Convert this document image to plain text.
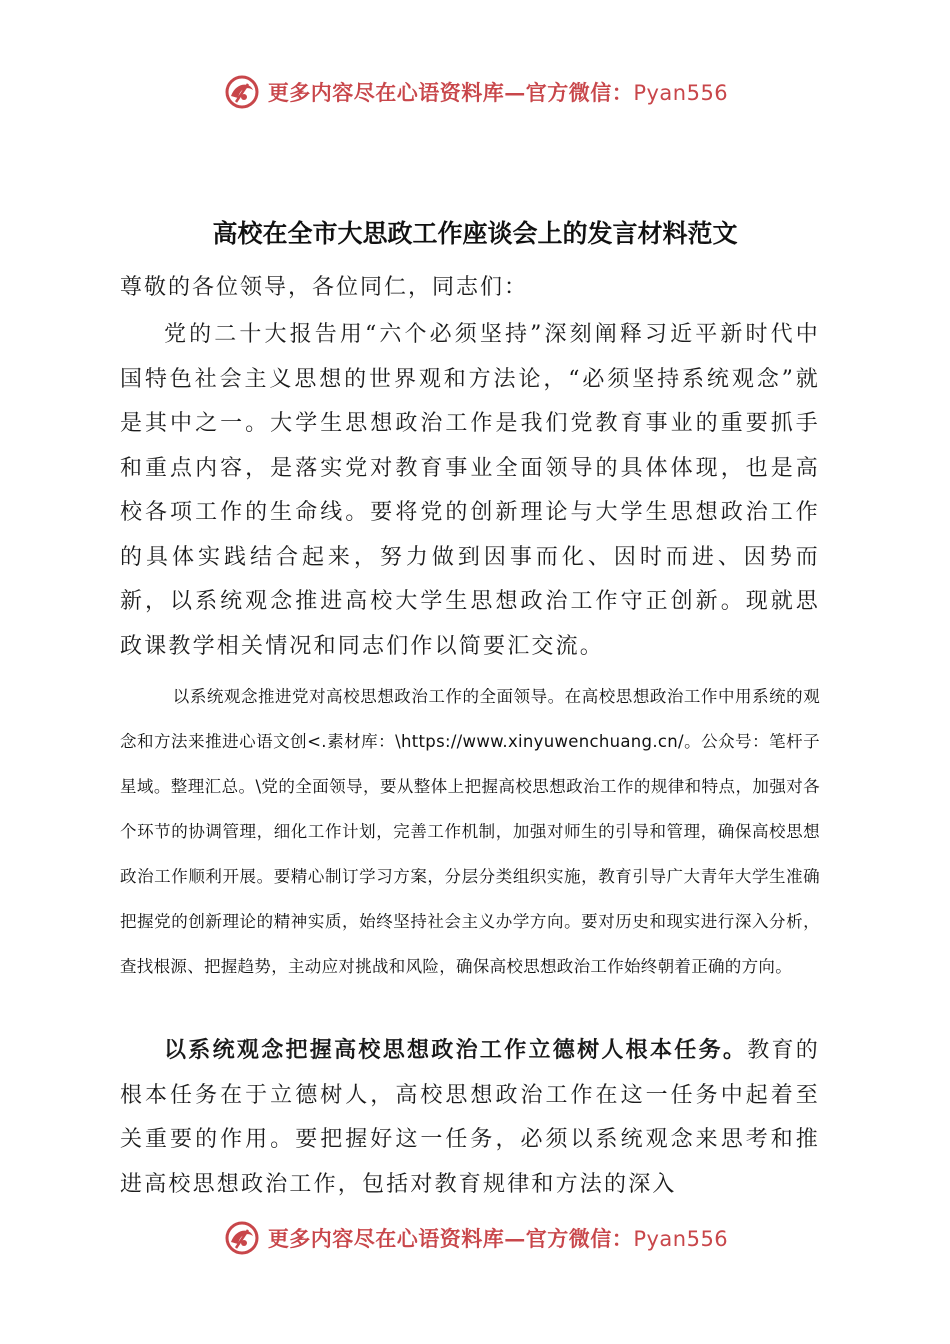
更多内容尽在心语资料库—官方微信：Pyan556
高校在全市大思政工作座谈会上的发言材料范文

尊敬的各位领导，各位同仁，同志们：

党的二十大报告用“六个必须坚持”深刻阐释习近平新时代中国特色社会主义思想的世界观和方法论，“必须坚持系统观念”就是其中之一。大学生思想政治工作是我们党教育事业的重要抓手和重点内容，是落实党对教育事业全面领导的具体体现，也是高校各项工作的生命线。要将党的创新理论与大学生思想政治工作的具体实践结合起来，努力做到因事而化、因时而进、因势而新，以系统观念推进高校大学生思想政治工作守正创新。现就思政课教学相关情况和同志们作以简要汇交流。

以系统观念推进党对高校思想政治工作的全面领导。在高校思想政治工作中用系统的观念和方法来推进心语文创<.素材库：\https://www.xinyuwenchuang.cn/。公众号：笔杆子星域。整理汇总。\党的全面领导，要从整体上把握高校思想政治工作的规律和特点，加强对各个环节的协调管理，细化工作计划，完善工作机制，加强对师生的引导和管理，确保高校思想政治工作顺利开展。要精心制订学习方案，分层分类组织实施，教育引导广大青年大学生准确把握党的创新理论的精神实质，始终坚持社会主义办学方向。要对历史和现实进行深入分析，查找根源、把握趋势，主动应对挑战和风险，确保高校思想政治工作始终朝着正确的方向。

以系统观念把握高校思想政治工作立德树人根本任务。教育的根本任务在于立德树人，高校思想政治工作在这一任务中起着至关重要的作用。要把握好这一任务，必须以系统观念来思考和推进高校思想政治工作，包括对教育规律和方法的深入

更多内容尽在心语资料库—官方微信：Pyan556
